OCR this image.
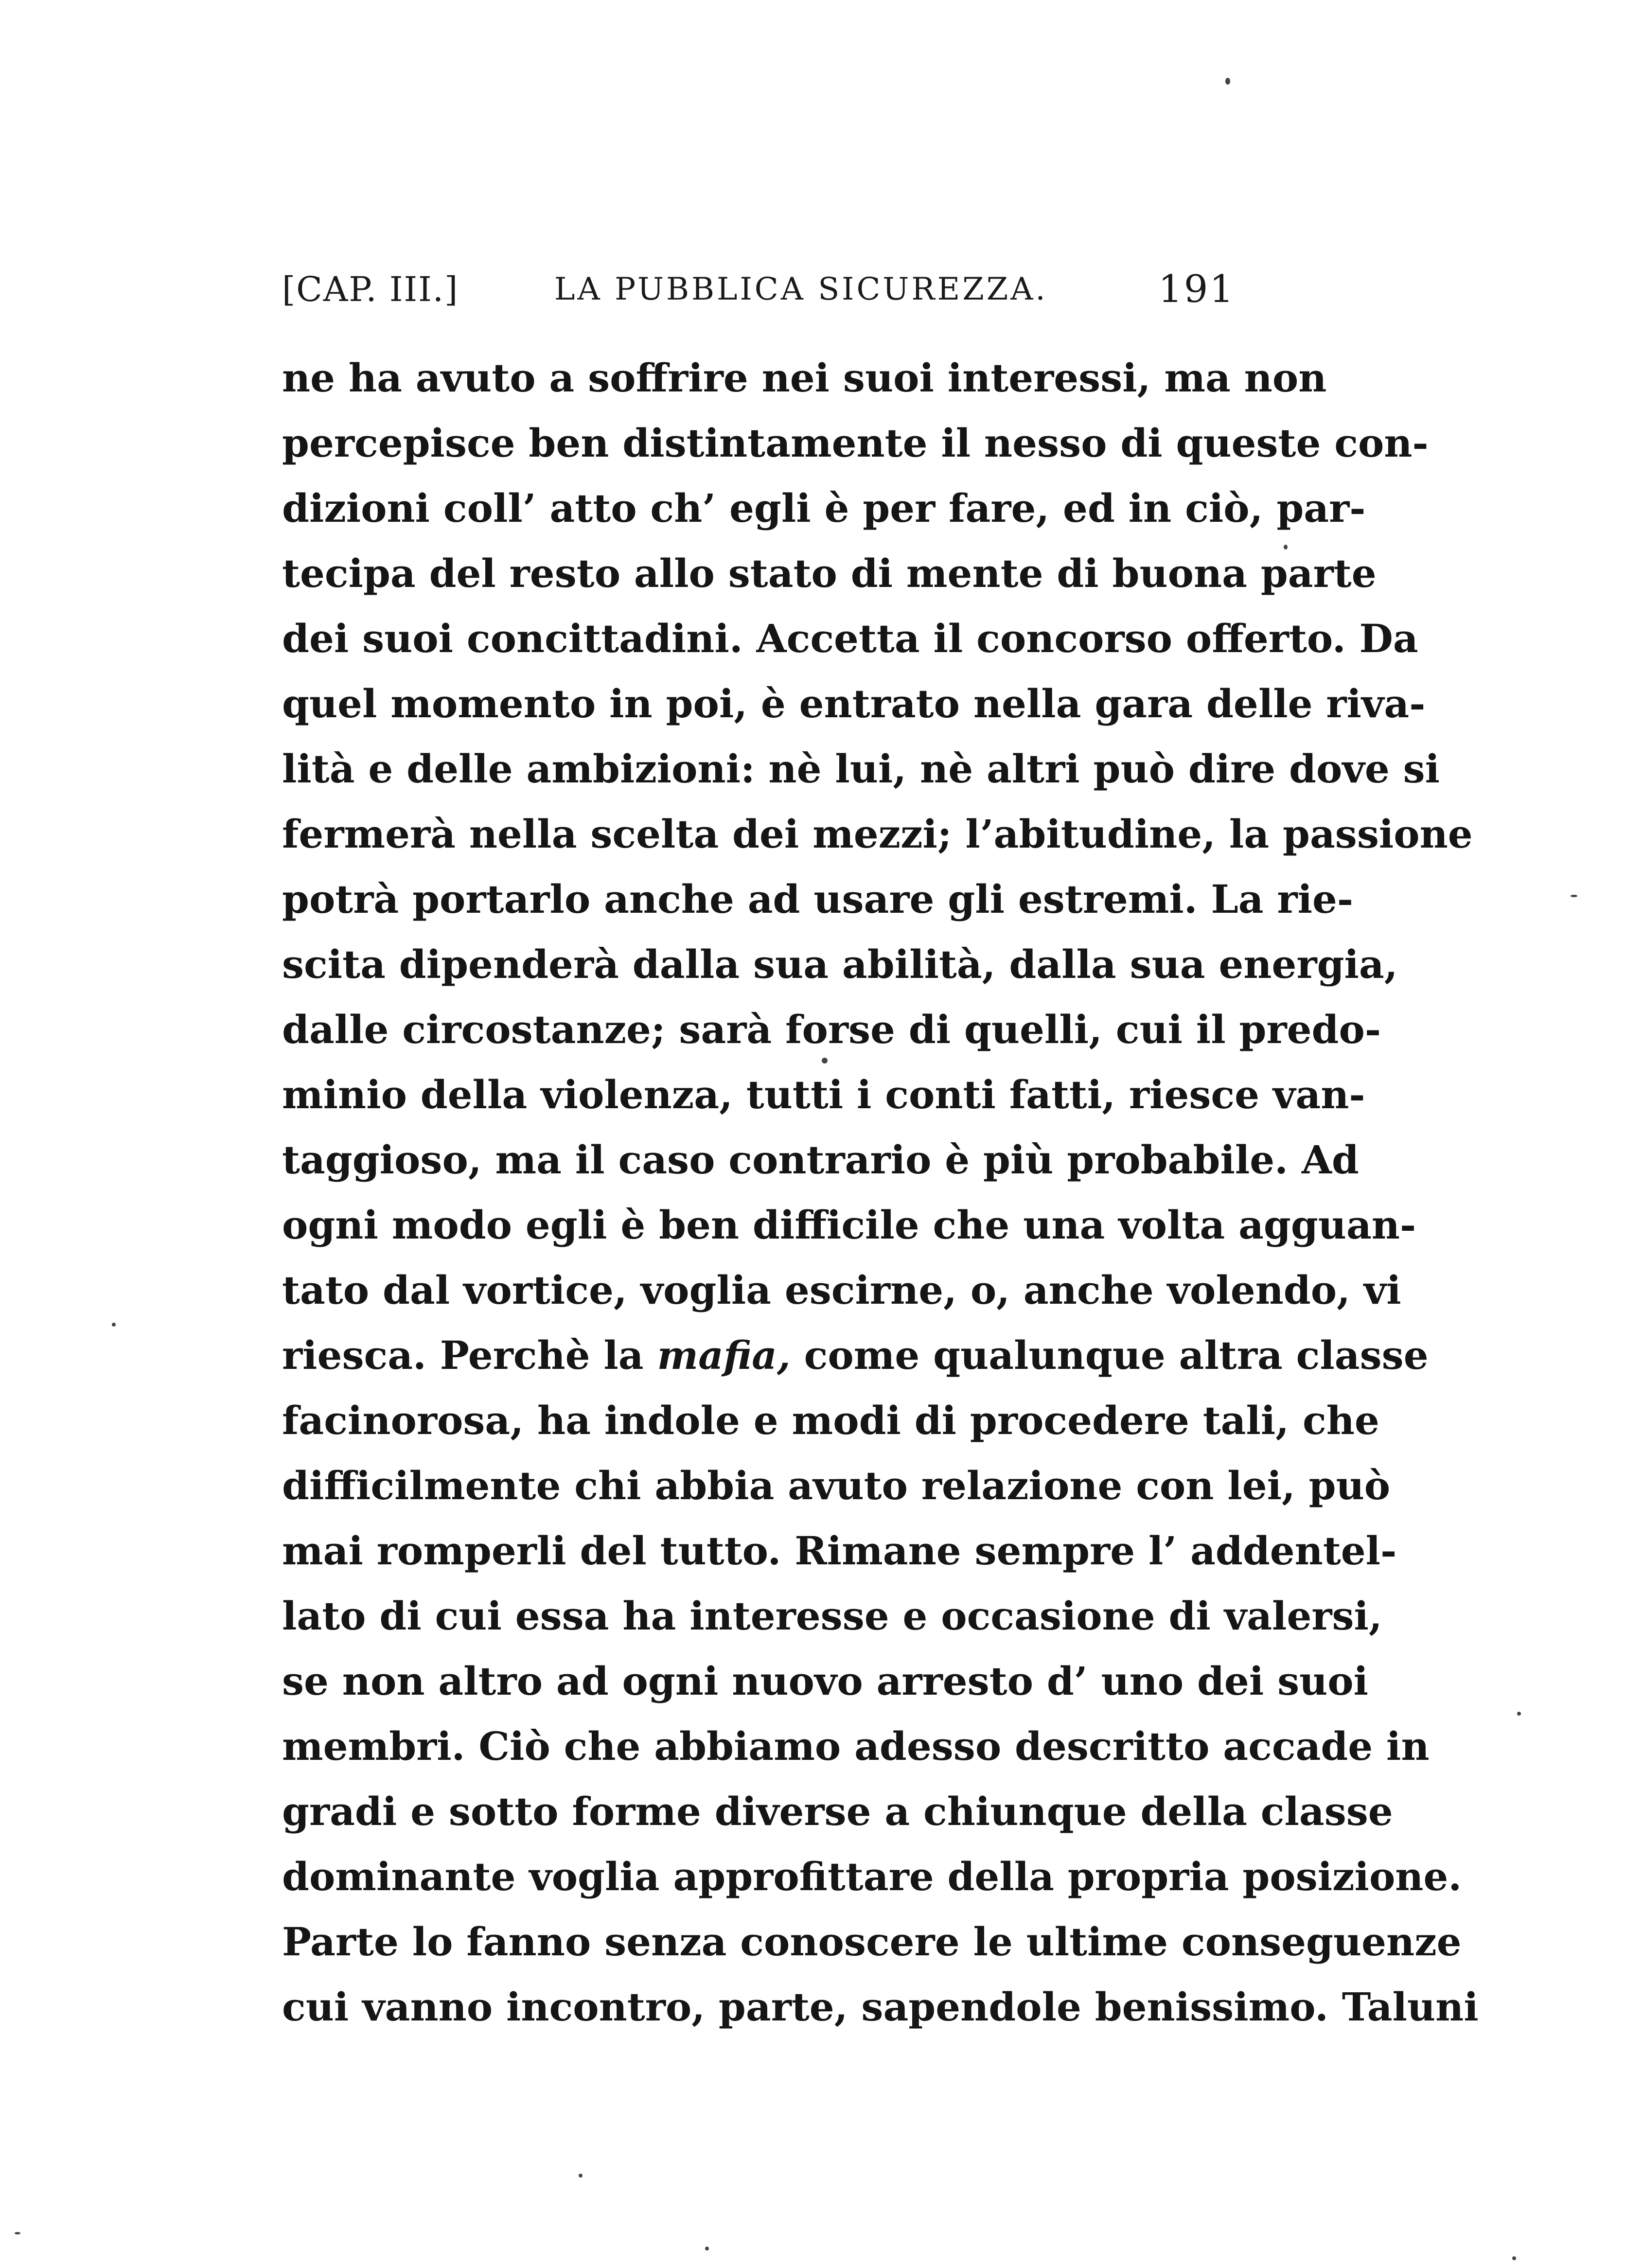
[CAP. III.]	LA PUBBLICA SICUREZZA.	191
ne ha avuto a soffrire nei suoi interessi, ma non
percepisce ben distintamente il nesso di queste con-
dizioni coll’ atto ch’ egli è per fare, ed in ciò, par-
tecipa del resto allo stato di mente di buona parte
dei suoi concittadini. Accetta il concorso offerto. Da
quel momento in poi, è entrato nella gara delle riva-
lità e delle ambizioni: nè lui, nè altri può dire dove si
fermerà nella scelta dei mezzi; l’abitudine, la passione
potrà portarlo anche ad usare gli estremi. La rie-
scita dipenderà dalla sua abilità, dalla sua energia,
dalle circostanze; sarà forse di quelli, cui il predo-
minio della violenza, tutti i conti fatti, riesce van-
taggioso, ma il caso contrario è più probabile. Ad
ogni modo egli è ben difficile che una volta agguan-
tato dal vortice, voglia escirne, o, anche volendo, vi
riesca. Perchè la mafia, come qualunque altra classe
facinorosa, ha indole e modi di procedere tali, che
difficilmente chi abbia avuto relazione con lei, può
mai romperli del tutto. Rimane sempre l’ addentel-
lato di cui essa ha interesse e occasione di valersi,
se non altro ad ogni nuovo arresto d’ uno dei suoi
membri. Ciò che abbiamo adesso descritto accade in
gradi e sotto forme diverse a chiunque della classe
dominante voglia approfittare della propria posizione.
Parte lo fanno senza conoscere le ultime conseguenze
cui vanno incontro, parte, sapendole benissimo. Taluni
